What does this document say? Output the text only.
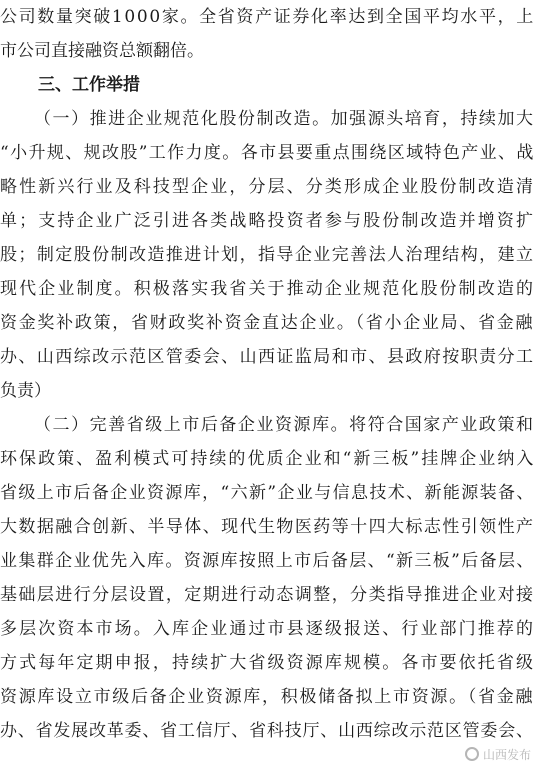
公司数量突破1000家。全省资产证券化率达到全国平均水平，上
市公司直接融资总额翻倍。
三、工作举措
（一）推进企业规范化股份制改造。加强源头培育，持续加大
“小升规、规改股”工作力度。各市县要重点围绕区域特色产业、战
略性新兴行业及科技型企业，分层、分类形成企业股份制改造清
单；支持企业广泛引进各类战略投资者参与股份制改造并增资扩
股；制定股份制改造推进计划，指导企业完善法人治理结构，建立
现代企业制度。积极落实我省关于推动企业规范化股份制改造的
资金奖补政策，省财政奖补资金直达企业。（省小企业局、省金融
办、山西综改示范区管委会、山西证监局和市、县政府按职责分工
负责）
（二）完善省级上市后备企业资源库。将符合国家产业政策和
环保政策、盈利模式可持续的优质企业和“新三板”挂牌企业纳入
省级上市后备企业资源库，“六新”企业与信息技术、新能源装备、
大数据融合创新、半导体、现代生物医药等十四大标志性引领性产
业集群企业优先入库。资源库按照上市后备层、“新三板”后备层、
基础层进行分层设置，定期进行动态调整，分类指导推进企业对接
多层次资本市场。入库企业通过市县逐级报送、行业部门推荐的
方式每年定期申报，持续扩大省级资源库规模。各市要依托省级
资源库设立市级后备企业资源库，积极储备拟上市资源。（省金融
办、省发展改革委、省工信厅、省科技厅、山西综改示范区管委会、
山西发布
